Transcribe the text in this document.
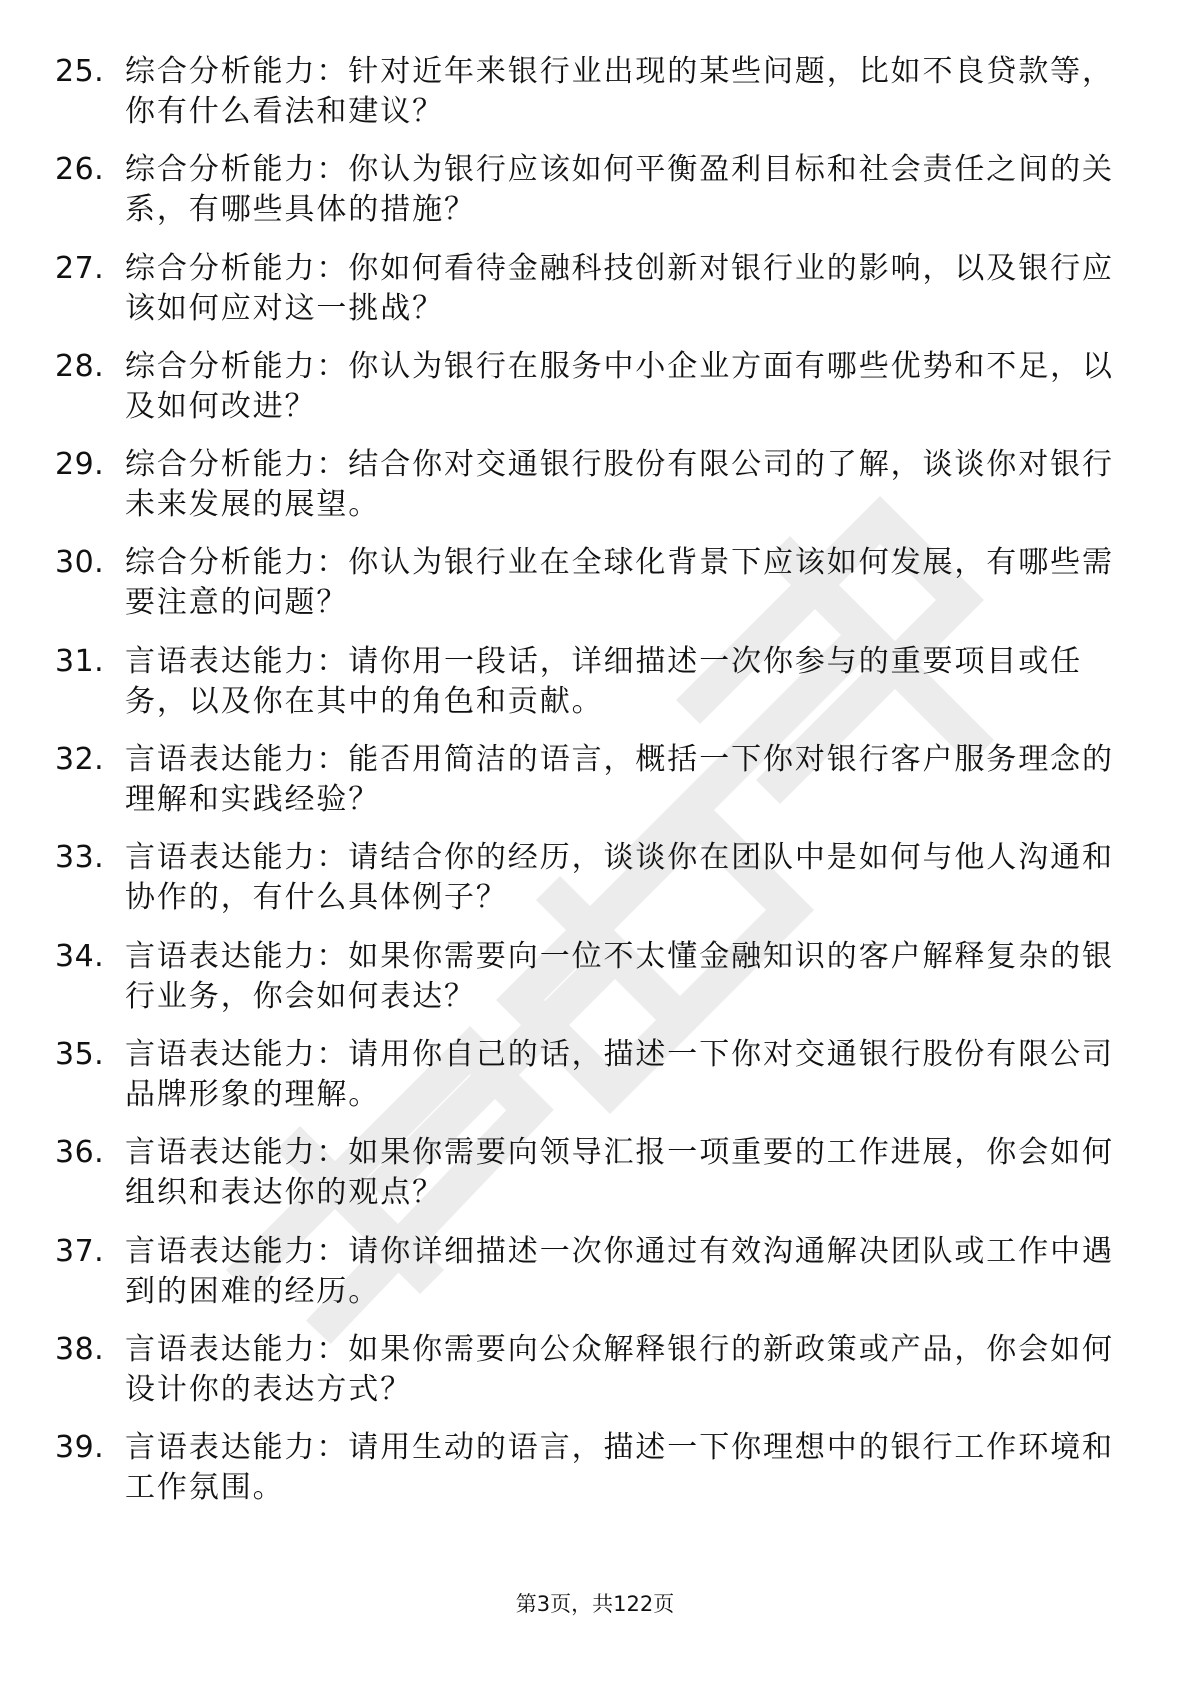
25. 综合分析能力：针对近年来银行业出现的某些问题，比如不良贷款等，你有什么看法和建议？
26. 综合分析能力：你认为银行应该如何平衡盈利目标和社会责任之间的关系，有哪些具体的措施？
27. 综合分析能力：你如何看待金融科技创新对银行业的影响，以及银行应该如何应对这一挑战？
28. 综合分析能力：你认为银行在服务中小企业方面有哪些优势和不足，以及如何改进？
29. 综合分析能力：结合你对交通银行股份有限公司的了解，谈谈你对银行未来发展的展望。
30. 综合分析能力：你认为银行业在全球化背景下应该如何发展，有哪些需要注意的问题？
31. 言语表达能力：请你用一段话，详细描述一次你参与的重要项目或任务，以及你在其中的角色和贡献。
32. 言语表达能力：能否用简洁的语言，概括一下你对银行客户服务理念的理解和实践经验？
33. 言语表达能力：请结合你的经历，谈谈你在团队中是如何与他人沟通和协作的，有什么具体例子？
34. 言语表达能力：如果你需要向一位不太懂金融知识的客户解释复杂的银行业务，你会如何表达？
35. 言语表达能力：请用你自己的话，描述一下你对交通银行股份有限公司品牌形象的理解。
36. 言语表达能力：如果你需要向领导汇报一项重要的工作进展，你会如何组织和表达你的观点？
37. 言语表达能力：请你详细描述一次你通过有效沟通解决团队或工作中遇到的困难的经历。
38. 言语表达能力：如果你需要向公众解释银行的新政策或产品，你会如何设计你的表达方式？
39. 言语表达能力：请用生动的语言，描述一下你理想中的银行工作环境和工作氛围。
第3页，共122页
